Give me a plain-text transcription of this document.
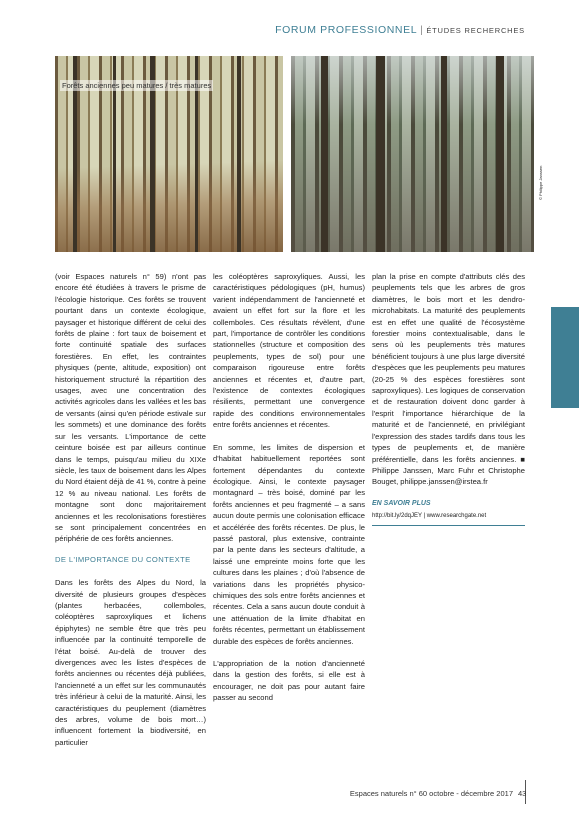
FORUM PROFESSIONNEL | ÉTUDES RECHERCHES
Forêts anciennes peu matures / très matures
© Philippe Janssen

(voir Espaces naturels n° 59) n'ont pas encore été étudiées à travers le prisme de l'écologie historique. Ces forêts se trouvent pourtant dans un contexte écologique, paysager et historique différent de celui des forêts de plaine : fort taux de boisement et forte continuité spatiale des surfaces forestières. En effet, les contraintes physiques (pente, altitude, exposition) ont historiquement structuré la répartition des usages, avec une concentration des activités agricoles dans les vallées et les bas de versants (ainsi qu'en période estivale sur les sommets) et une dominance des forêts sur les versants. L'importance de cette ceinture boisée est par ailleurs continue dans le temps, puisqu'au milieu du XIXe siècle, les taux de boisement dans les Alpes du Nord étaient déjà de 41 %, contre à peine 12 % au niveau national. Les forêts de montagne sont donc majoritairement anciennes et les recolonisations forestières se sont principalement concentrées en périphérie de ces forêts anciennes.

DE L'IMPORTANCE DU CONTEXTE

Dans les forêts des Alpes du Nord, la diversité de plusieurs groupes d'espèces (plantes herbacées, collemboles, coléoptères saproxyliques et lichens épiphytes) ne semble être que très peu influencée par la continuité temporelle de l'état boisé. Au-delà de trouver des divergences avec les listes d'espèces de forêts anciennes ou récentes déjà publiées, l'ancienneté a un effet sur les communautés très inférieur à celui de la maturité. Ainsi, les caractéristiques du peuplement (diamètres des arbres, volume de bois mort…) influencent fortement la biodiversité, en particulier

les coléoptères saproxyliques. Aussi, les caractéristiques pédologiques (pH, humus) varient indépendamment de l'ancienneté et avaient un effet fort sur la flore et les collemboles. Ces résultats révèlent, d'une part, l'importance de contrôler les conditions stationnelles (structure et composition des peuplements, types de sol) pour une comparaison rigoureuse entre forêts anciennes et récentes et, d'autre part, l'existence de contextes écologiques résilients, permettant une convergence rapide des conditions environnementales entre forêts anciennes et récentes.

En somme, les limites de dispersion et d'habitat habituellement reportées sont fortement dépendantes du contexte écologique. Ainsi, le contexte paysager montagnard – très boisé, dominé par les forêts anciennes et peu fragmenté – a sans aucun doute permis une colonisation efficace et accélérée des forêts récentes. De plus, le passé pastoral, plus extensive, contrainte par la pente dans les secteurs d'altitude, a laissé une empreinte moins forte que les cultures dans les plaines ; d'où l'absence de variations dans les propriétés physico-chimiques des sols entre forêts anciennes et récentes. Cela a sans aucun doute conduit à une atténuation de la limite d'habitat en forêts récentes, permettant un établissement durable des espèces de forêts anciennes.

L'appropriation de la notion d'ancienneté dans la gestion des forêts, si elle est à encourager, ne doit pas pour autant faire passer au second

plan la prise en compte d'attributs clés des peuplements tels que les arbres de gros diamètres, le bois mort et les dendro-microhabitats. La maturité des peuplements est en effet une qualité de l'écosystème forestier moins contextualisable, dans le sens où les peuplements très matures bénéficient toujours à une plus large diversité d'espèces que les peuplements peu matures (20-25 % des espèces forestières sont saproxyliques). Les logiques de conservation et de restauration doivent donc garder à l'esprit l'importance hiérarchique de la maturité et de l'ancienneté, en privilégiant l'expression des stades tardifs dans tous les types de peuplements et, de manière préférentielle, dans les forêts anciennes. ■ Philippe Janssen, Marc Fuhr et Christophe Bouget, philippe.janssen@irstea.fr

EN SAVOIR PLUS
http://bit.ly/2dqJEY | www.researchgate.net
Espaces naturels n° 60 octobre - décembre 2017 43
